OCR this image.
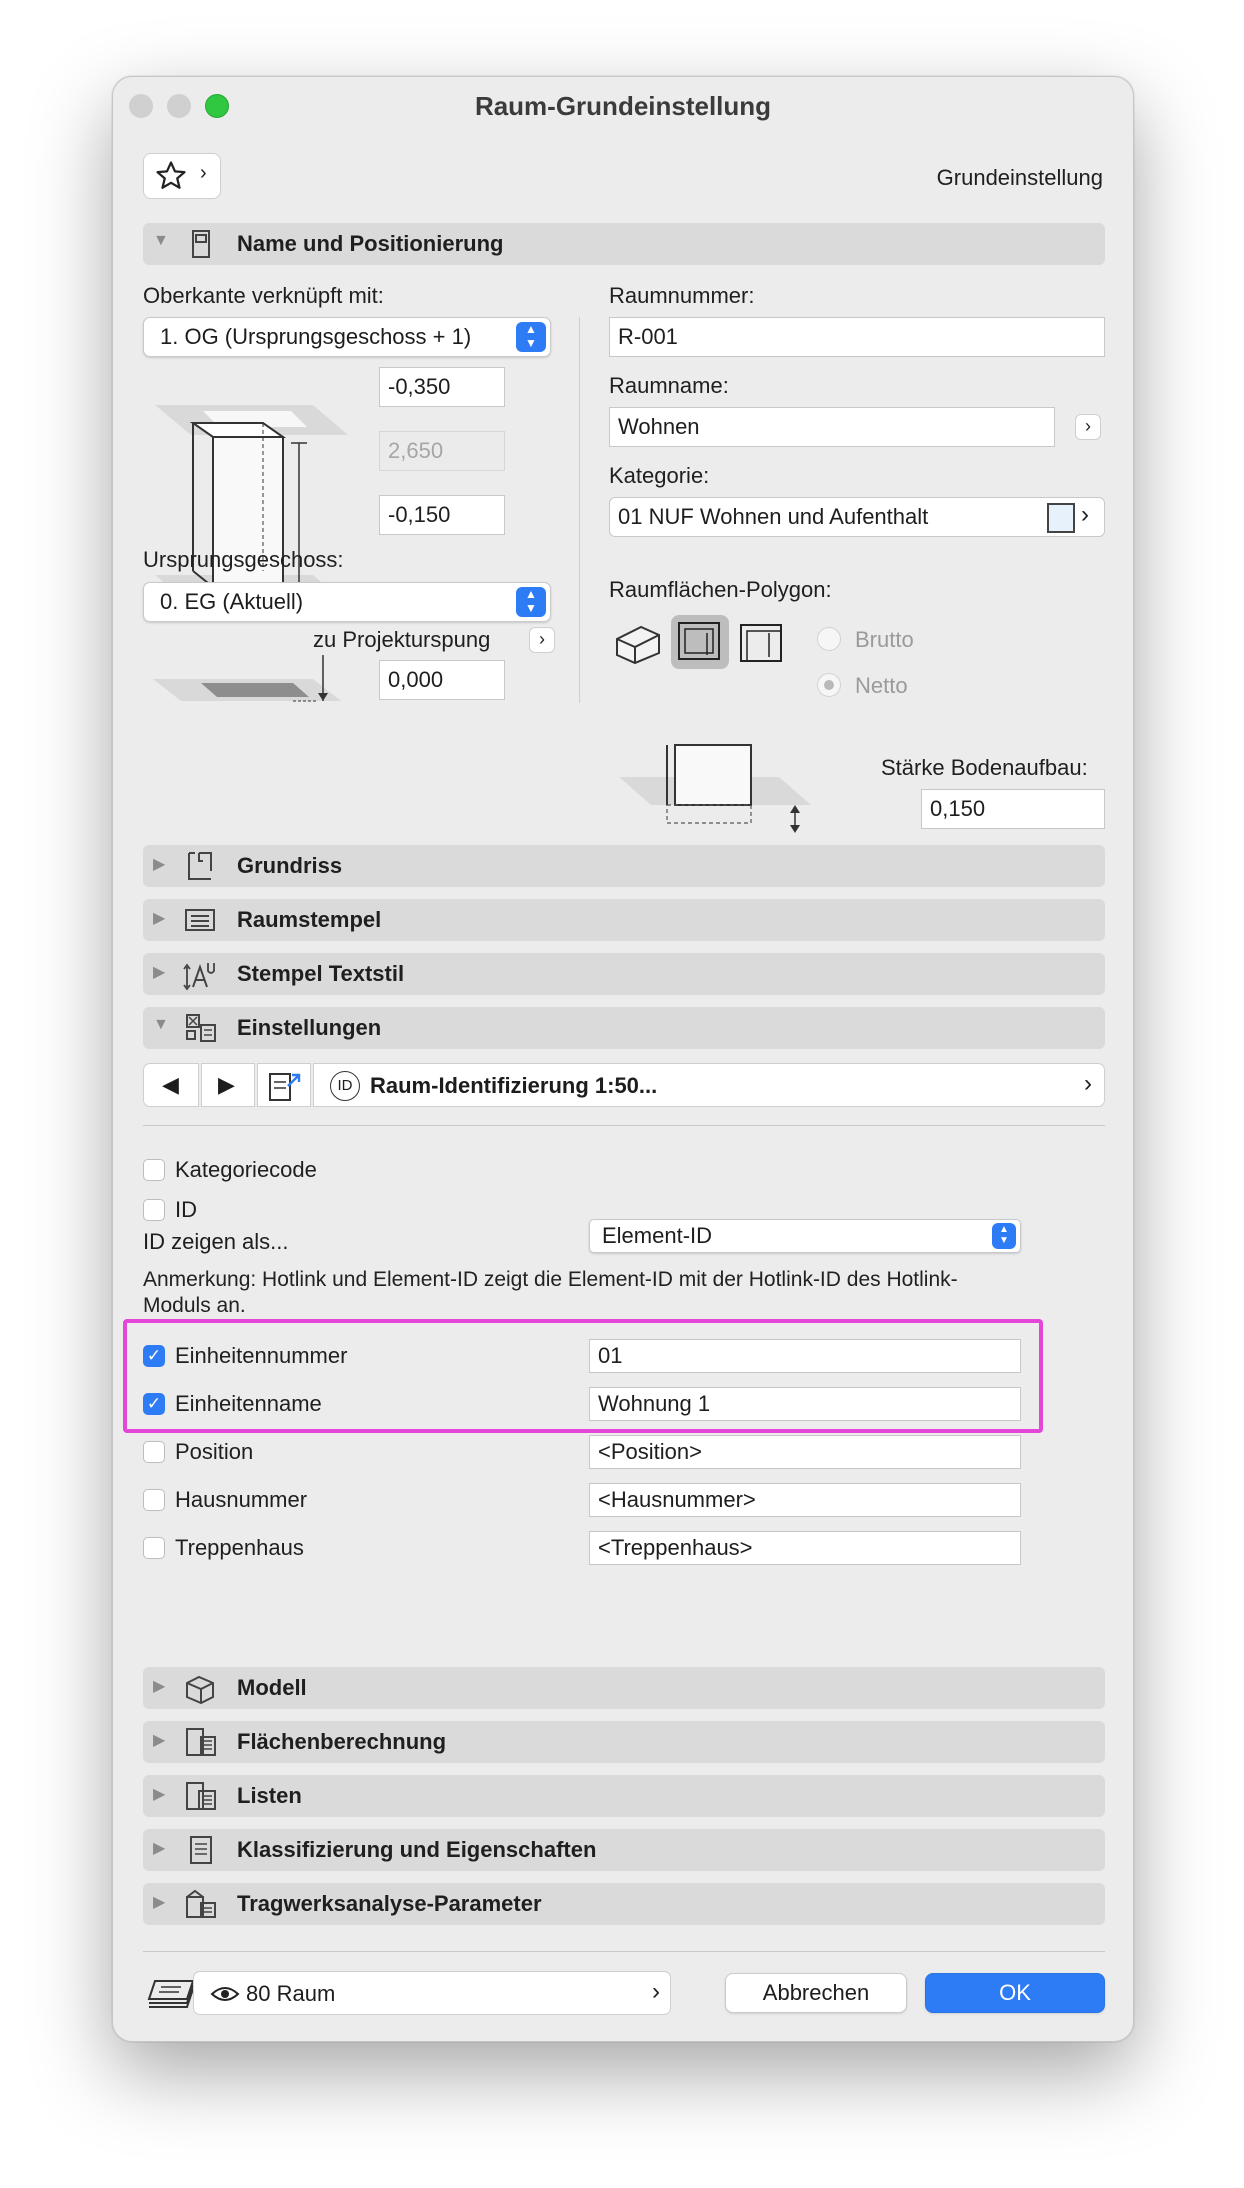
Raum-Grundeinstellung
›	Grundeinstellung
▼	Name und Positionierung
Oberkante verknüpft mit:
1. OG (Ursprungsgeschoss + 1)	▲
▼
-0,350
2,650
-0,150
Ursprungsgeschoss:
0. EG (Aktuell)	▲
▼
zu Projekturspung	›
0,000
Raumnummer:
R-001
Raumname:
Wohnen	›
Kategorie:
01 NUF Wohnen und Aufenthalt	›
Raumflächen-Polygon:
Brutto
Netto
Stärke Bodenaufbau:
0,150
▶	Grundriss
▶	Raumstempel
▶	Stempel Textstil
▼	Einstellungen
◀ ▶	ID Raum-Identifizierung 1:50...	›
Kategoriecode
ID
ID zeigen als...	Element-ID	▲
▼
Anmerkung: Hotlink und Element-ID zeigt die Element-ID mit der Hotlink-ID des Hotlink-Moduls an.
✓ Einheitennummer	01
✓ Einheitenname	Wohnung 1
Position	<Position>
Hausnummer	<Hausnummer>
Treppenhaus	<Treppenhaus>
▶	Modell
▶	Flächenberechnung
▶	Listen
▶	Klassifizierung und Eigenschaften
▶	Tragwerksanalyse-Parameter
80 Raum	›	Abbrechen	OK
